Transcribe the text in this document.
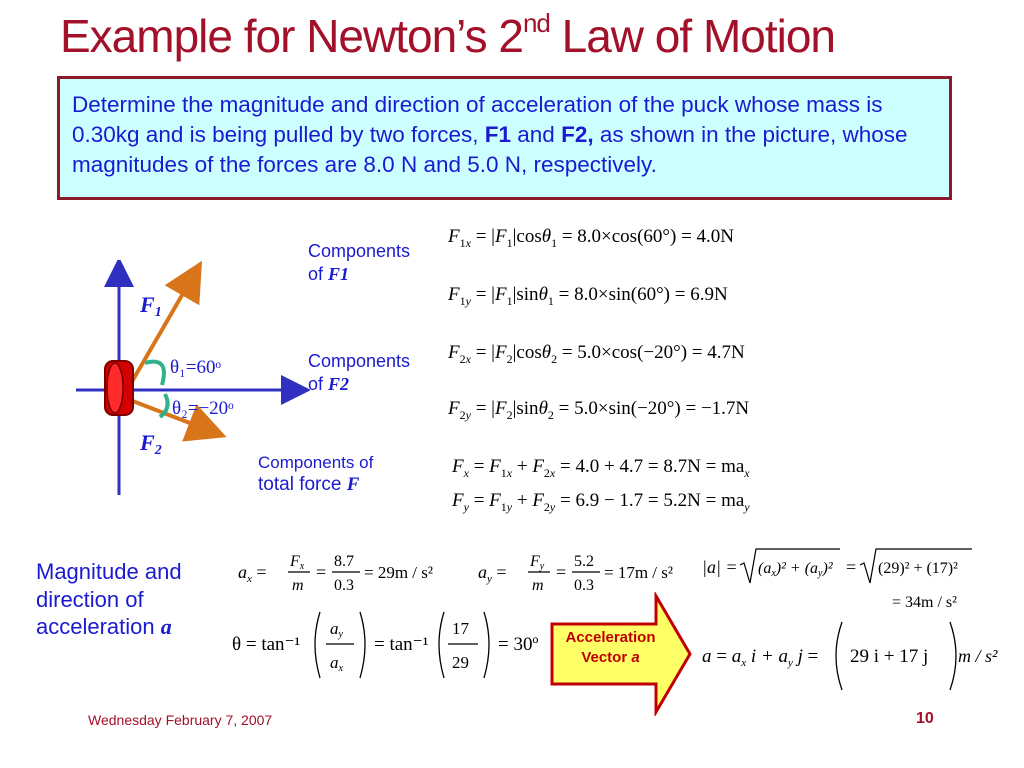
Example for Newton’s 2nd Law of Motion
Determine the magnitude and direction of acceleration of the puck whose mass is 0.30kg and is being pulled by two forces, F1 and F2, as shown in the picture, whose magnitudes of the forces are 8.0 N and 5.0 N, respectively.
F1
F2
θ₁=60ᵒ
θ₂=−20ᵒ
Components
of F1
Components
of F2
Components of
total force F
Magnitude and
direction of
acceleration a
$F_{1x} = |F_1|\cos\theta_1 = 8.0\times\cos(60^\circ) = 4.0N$
$F_{1y} = |F_1|\sin\theta_1 = 8.0\times\sin(60^\circ) = 6.9N$
$F_{2x} = |F_2|\cos\theta_2 = 5.0\times\cos(-20^\circ) = 4.7N$
$F_{2y} = |F_2|\sin\theta_2 = 5.0\times\sin(-20^\circ) = -1.7N$
$F_x = F_{1x} + F_{2x} = 4.0 + 4.7 = 8.7N = ma_x$
$F_y = F_{1y} + F_{2y} = 6.9 - 1.7 = 5.2N = ma_y$
$a_x$ =
Fx
m
=
8.7
0.3
= 29m / s²	$a_y$ =
Fy
m
=
5.2
0.3
= 17m / s² |a| = (ax)² + (ay)² = (29)² + (17)²
= 34m / s²
θ = tan⁻¹
ay
ax
= tan⁻¹
17
29
= 30º	Acceleration
Vector a	$a = a_x$ $i + a_y$ j = 29 i + 17 j m / s²
Wednesday February 7, 2007	10
